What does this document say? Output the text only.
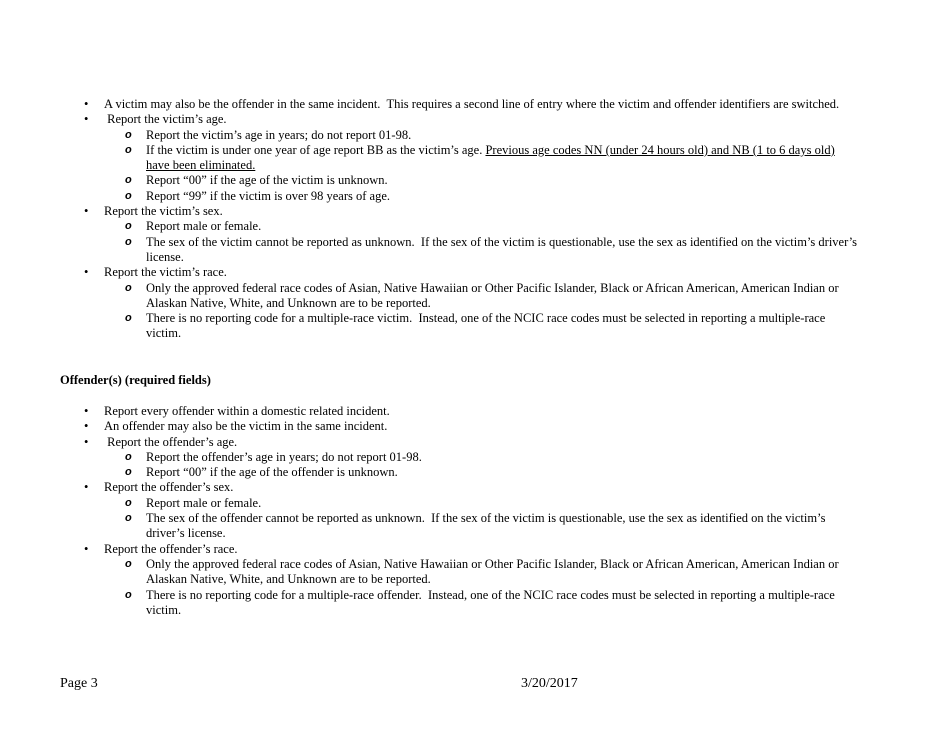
• A victim may also be the offender in the same incident.  This requires a second line of entry where the victim and offender identifiers are switched.
• Report the victim’s age.
o Report the victim’s age in years; do not report 01-98.
o If the victim is under one year of age report BB as the victim’s age. Previous age codes NN (under 24 hours old) and NB (1 to 6 days old) have been eliminated.
o Report “00” if the age of the victim is unknown.
o Report “99” if the victim is over 98 years of age.
• Report the victim’s sex.
o Report male or female.
o The sex of the victim cannot be reported as unknown.  If the sex of the victim is questionable, use the sex as identified on the victim’s driver’s license.
• Report the victim’s race.
o Only the approved federal race codes of Asian, Native Hawaiian or Other Pacific Islander, Black or African American, American Indian or Alaskan Native, White, and Unknown are to be reported.
o There is no reporting code for a multiple-race victim.  Instead, one of the NCIC race codes must be selected in reporting a multiple-race victim.
Offender(s) (required fields)
• Report every offender within a domestic related incident.
• An offender may also be the victim in the same incident.
• Report the offender’s age.
o Report the offender’s age in years; do not report 01-98.
o Report “00” if the age of the offender is unknown.
• Report the offender’s sex.
o Report male or female.
o The sex of the offender cannot be reported as unknown.  If the sex of the victim is questionable, use the sex as identified on the victim’s driver’s license.
• Report the offender’s race.
o Only the approved federal race codes of Asian, Native Hawaiian or Other Pacific Islander, Black or African American, American Indian or Alaskan Native, White, and Unknown are to be reported.
o There is no reporting code for a multiple-race offender.  Instead, one of the NCIC race codes must be selected in reporting a multiple-race victim.
Page 3	3/20/2017
